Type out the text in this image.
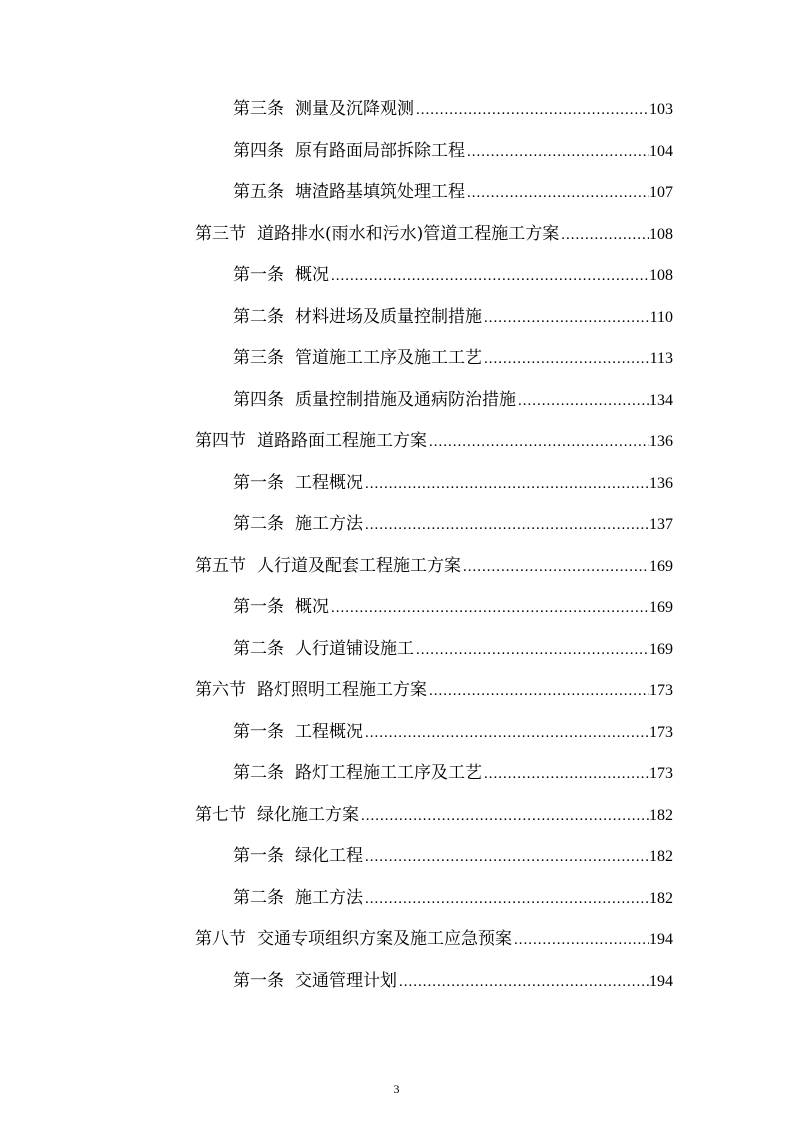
第三条 测量及沉降观测 .....	103
第四条 原有路面局部拆除工程 .....	104
第五条 塘渣路基填筑处理工程 .....	107
第三节 道路排水(雨水和污水)管道工程施工方案 .....	108
第一条 概况 .....	108
第二条 材料进场及质量控制措施 .....	110
第三条 管道施工工序及施工工艺 .....	113
第四条 质量控制措施及通病防治措施 .....	134
第四节 道路路面工程施工方案 .....	136
第一条 工程概况 .....	136
第二条 施工方法 .....	137
第五节 人行道及配套工程施工方案 .....	169
第一条 概况 .....	169
第二条 人行道铺设施工 .....	169
第六节 路灯照明工程施工方案 .....	173
第一条 工程概况 .....	173
第二条 路灯工程施工工序及工艺 .....	173
第七节 绿化施工方案 .....	182
第一条 绿化工程 .....	182
第二条 施工方法 .....	182
第八节 交通专项组织方案及施工应急预案 .....	194
第一条 交通管理计划 .....	194
3
